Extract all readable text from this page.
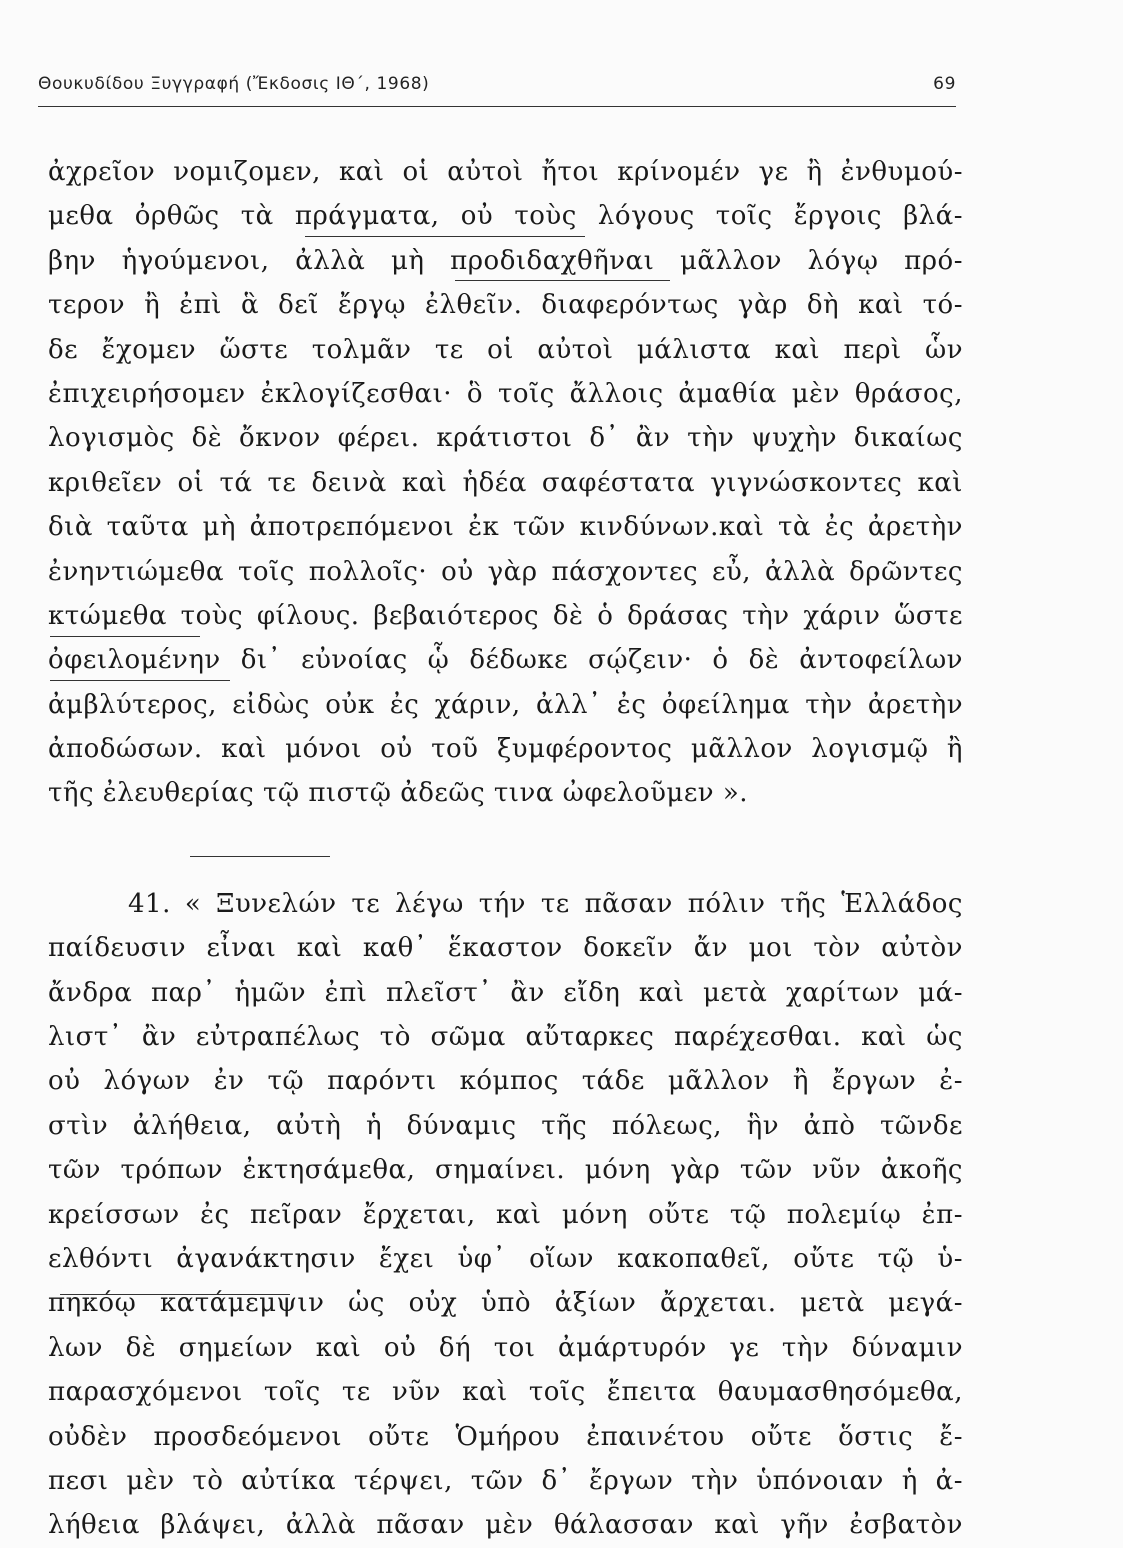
Θουκυδίδου Ξυγγραφή (Ἔκδοσις ΙΘ΄, 1968)	69
ἀχρεῖον νομιζομεν, καὶ οἱ αὐτοὶ ἤτοι κρίνομέν γε ἢ ἐνθυμού-
μεθα ὀρθῶς τὰ πράγματα, οὐ τοὺς λόγους τοῖς ἔργοις βλά-
βην ἡγούμενοι, ἀλλὰ μὴ προδιδαχθῆναι μᾶλλον λόγῳ πρό-
τερον ἢ ἐπὶ ἃ δεῖ ἔργῳ ἐλθεῖν. διαφερόντως γὰρ δὴ καὶ τό-
δε ἔχομεν ὥστε τολμᾶν τε οἱ αὐτοὶ μάλιστα καὶ περὶ ὧν
ἐπιχειρήσομεν ἐκλογίζεσθαι· ὃ τοῖς ἄλλοις ἀμαθία μὲν θράσος,
λογισμὸς δὲ ὄκνον φέρει. κράτιστοι δ᾽ ἂν τὴν ψυχὴν δικαίως
κριθεῖεν οἱ τά τε δεινὰ καὶ ἡδέα σαφέστατα γιγνώσκοντες καὶ
διὰ ταῦτα μὴ ἀποτρεπόμενοι ἐκ τῶν κινδύνων.καὶ τὰ ἐς ἀρετὴν
ἐνηντιώμεθα τοῖς πολλοῖς· οὐ γὰρ πάσχοντες εὖ, ἀλλὰ δρῶντες
κτώμεθα τοὺς φίλους. βεβαιότερος δὲ ὁ δράσας τὴν χάριν ὥστε
ὀφειλομένην δι᾽ εὐνοίας ᾧ δέδωκε σῴζειν· ὁ δὲ ἀντοφείλων
ἀμβλύτερος, εἰδὼς οὐκ ἐς χάριν, ἀλλ᾽ ἐς ὀφείλημα τὴν ἀρετὴν
ἀποδώσων. καὶ μόνοι οὐ τοῦ ξυμφέροντος μᾶλλον λογισμῷ ἢ
τῆς ἐλευθερίας τῷ πιστῷ ἀδεῶς τινα ὠφελοῦμεν ».
41. « Ξυνελών τε λέγω τήν τε πᾶσαν πόλιν τῆς Ἑλλάδος
παίδευσιν εἶναι καὶ καθ᾽ ἕκαστον δοκεῖν ἄν μοι τὸν αὐτὸν
ἄνδρα παρ᾽ ἡμῶν ἐπὶ πλεῖστ᾽ ἂν εἴδη καὶ μετὰ χαρίτων μά-
λιστ᾽ ἂν εὐτραπέλως τὸ σῶμα αὔταρκες παρέχεσθαι. καὶ ὡς
οὐ λόγων ἐν τῷ παρόντι κόμπος τάδε μᾶλλον ἢ ἔργων ἐ-
στὶν ἀλήθεια, αὐτὴ ἡ δύναμις τῆς πόλεως, ἣν ἀπὸ τῶνδε
τῶν τρόπων ἐκτησάμεθα, σημαίνει. μόνη γὰρ τῶν νῦν ἀκοῆς
κρείσσων ἐς πεῖραν ἔρχεται, καὶ μόνη οὔτε τῷ πολεμίῳ ἐπ-
ελθόντι ἀγανάκτησιν ἔχει ὑφ᾽ οἵων κακοπαθεῖ, οὔτε τῷ ὑ-
πηκόῳ κατάμεμψιν ὡς οὐχ ὑπὸ ἀξίων ἄρχεται. μετὰ μεγά-
λων δὲ σημείων καὶ οὐ δή τοι ἀμάρτυρόν γε τὴν δύναμιν
παρασχόμενοι τοῖς τε νῦν καὶ τοῖς ἔπειτα θαυμασθησόμεθα,
οὐδὲν προσδεόμενοι οὔτε Ὁμήρου ἐπαινέτου οὔτε ὅστις ἔ-
πεσι μὲν τὸ αὐτίκα τέρψει, τῶν δ᾽ ἔργων τὴν ὑπόνοιαν ἡ ἀ-
λήθεια βλάψει, ἀλλὰ πᾶσαν μὲν θάλασσαν καὶ γῆν ἐσβατὸν
